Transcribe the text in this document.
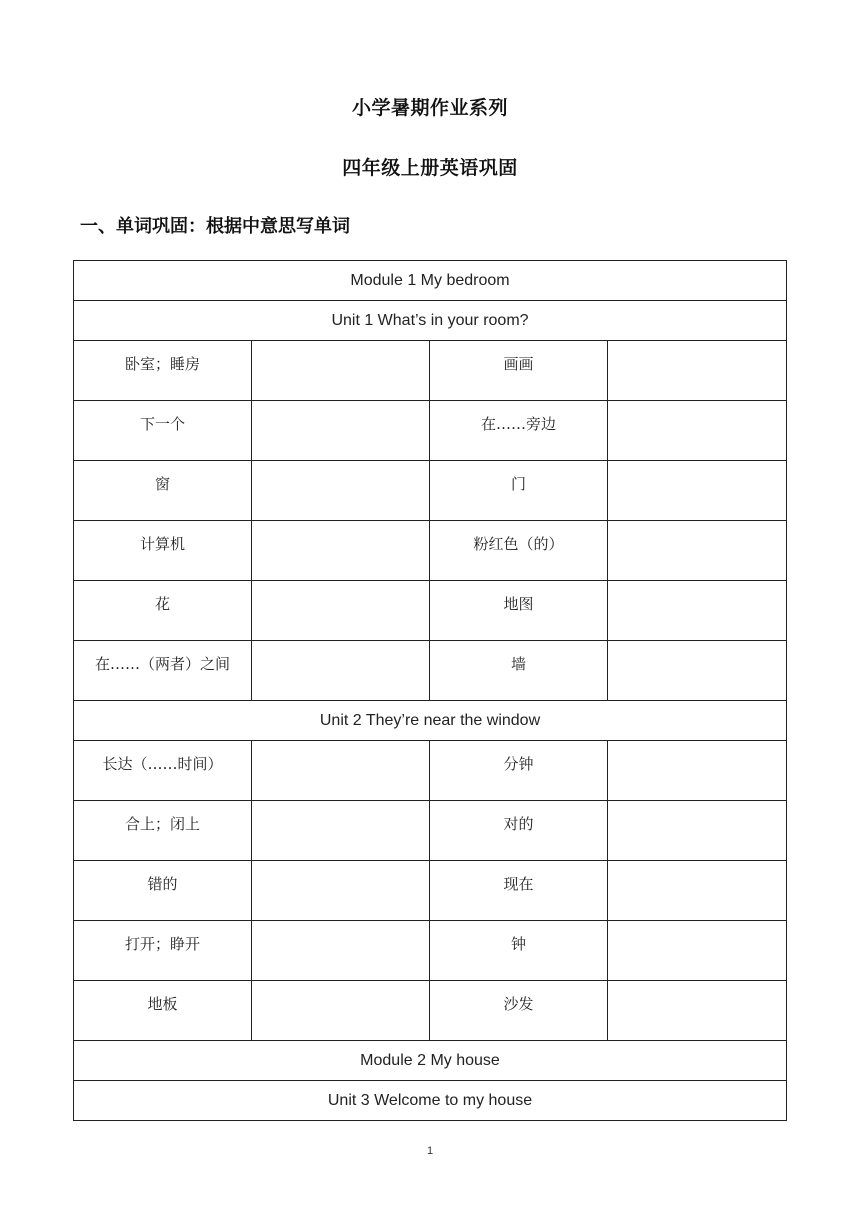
小学暑期作业系列
四年级上册英语巩固
一、单词巩固：根据中意思写单词
Module 1 My bedroom			
Unit 1 What’s in your room?			

卧室；睡房		画画	

下一个		在……旁边	

窗		门	

计算机		粉红色（的）	

花		地图	

在……（两者）之间		墙	

Unit 2 They’re near the window			

长达（……时间）		分钟	

合上；闭上		对的	

错的		现在	

打开；睁开		钟	

地板		沙发	

Module 2 My house			
Unit 3 Welcome to my house			
1
